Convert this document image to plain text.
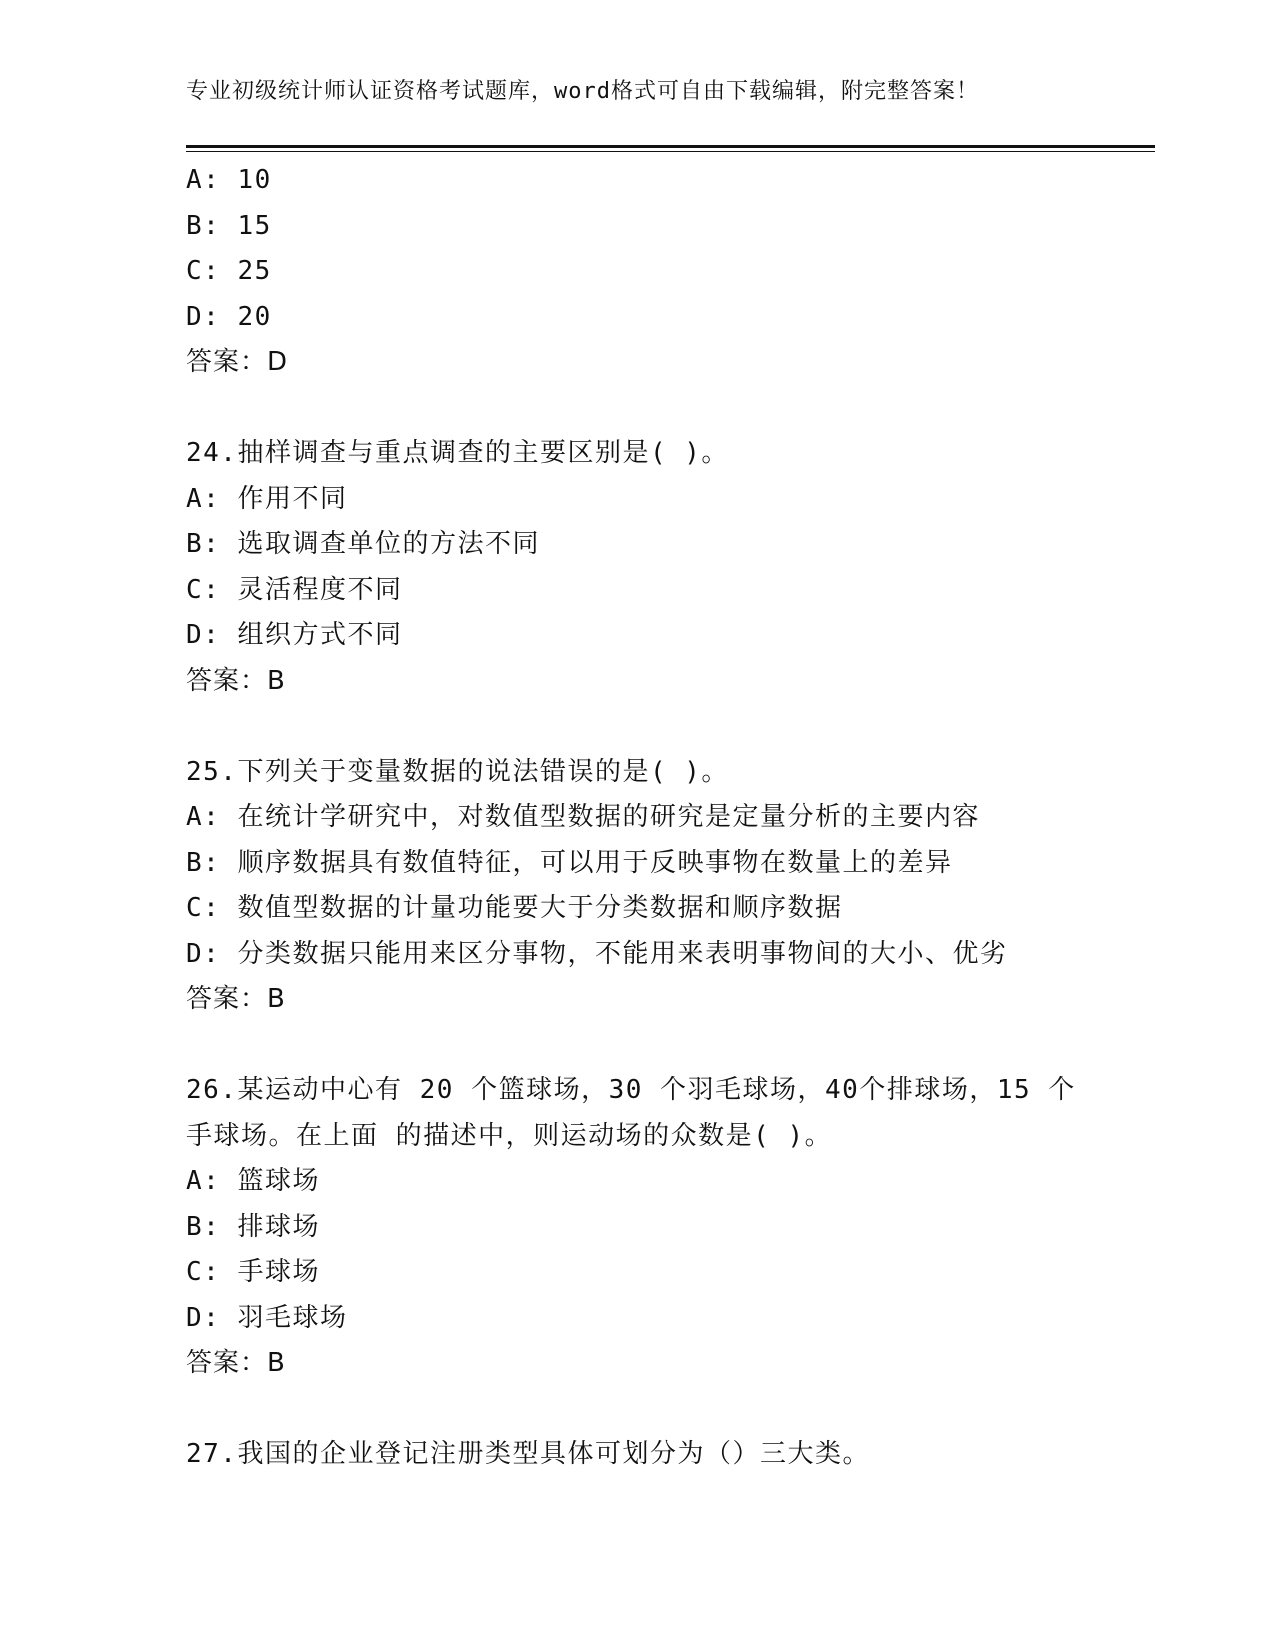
专业初级统计师认证资格考试题库，word格式可自由下载编辑，附完整答案！
A: 10
B: 15
C: 25
D: 20
答案：D
24.抽样调查与重点调查的主要区别是( )。
A: 作用不同
B: 选取调查单位的方法不同
C: 灵活程度不同
D: 组织方式不同
答案：B
25.下列关于变量数据的说法错误的是( )。
A: 在统计学研究中，对数值型数据的研究是定量分析的主要内容
B: 顺序数据具有数值特征，可以用于反映事物在数量上的差异
C: 数值型数据的计量功能要大于分类数据和顺序数据
D: 分类数据只能用来区分事物，不能用来表明事物间的大小、优劣
答案：B
26.某运动中心有 20 个篮球场，30 个羽毛球场，40个排球场，15 个
手球场。在上面 的描述中，则运动场的众数是( )。
A: 篮球场
B: 排球场
C: 手球场
D: 羽毛球场
答案：B
27.我国的企业登记注册类型具体可划分为（）三大类。
